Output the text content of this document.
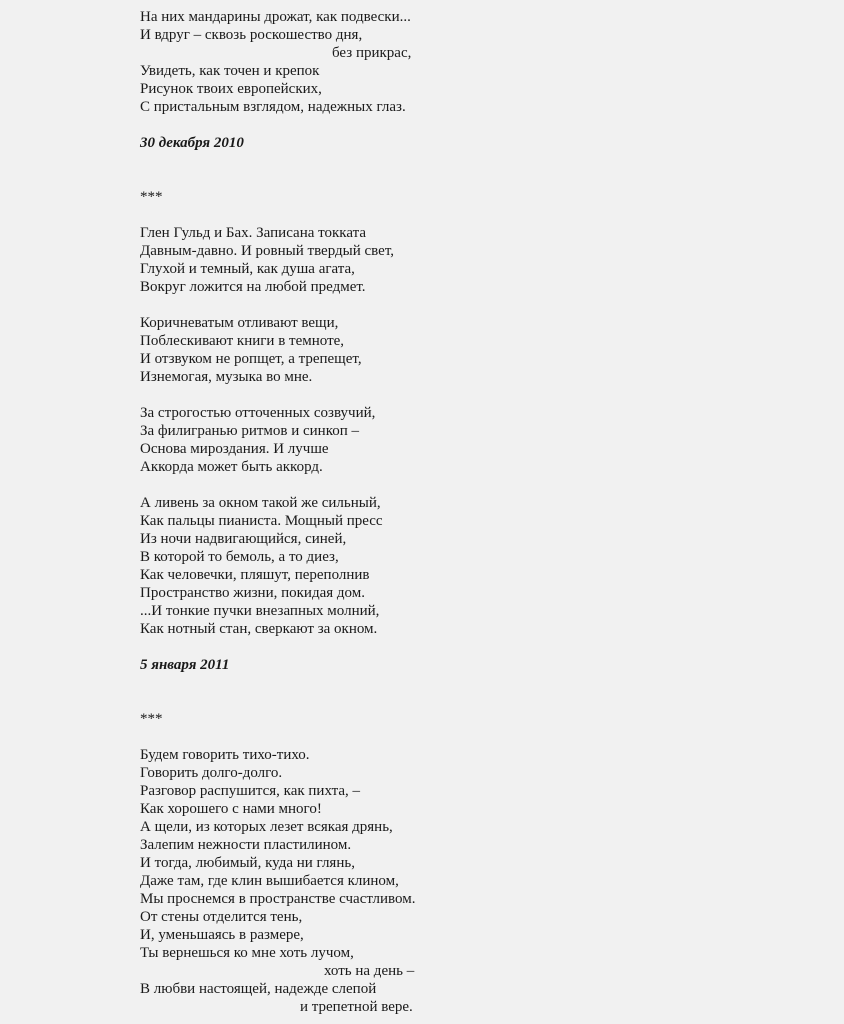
На них мандарины дрожат, как подвески...
И вдруг – сквозь роскошество дня,
без прикрас,
Увидеть, как точен и крепок
Рисунок твоих европейских,
С пристальным взглядом, надежных глаз.
30 декабря 2010
***
Глен Гульд и Бах. Записана токката
Давным-давно. И ровный твердый свет,
Глухой и темный, как душа агата,
Вокруг ложится на любой предмет.
Коричневатым отливают вещи,
Поблескивают книги в темноте,
И отзвуком не ропщет, а трепещет,
Изнемогая, музыка во мне.
За строгостью отточенных созвучий,
За филигранью ритмов и синкоп –
Основа мироздания. И лучше
Аккорда может быть аккорд.
А ливень за окном такой же сильный,
Как пальцы пианиста. Мощный пресс
Из ночи надвигающийся, синей,
В которой то бемоль, а то диез,
Как человечки, пляшут, переполнив
Пространство жизни, покидая дом.
...И тонкие пучки внезапных молний,
Как нотный стан, сверкают за окном.
5 января 2011
***
Будем говорить тихо-тихо.
Говорить долго-долго.
Разговор распушится, как пихта, –
Как хорошего с нами много!
А щели, из которых лезет всякая дрянь,
Залепим нежности пластилином.
И тогда, любимый, куда ни глянь,
Даже там, где клин вышибается клином,
Мы проснемся в пространстве счастливом.
От стены отделится тень,
И, уменьшаясь в размере,
Ты вернешься ко мне хоть лучом,
хоть на день –
В любви настоящей, надежде слепой
и трепетной вере.
